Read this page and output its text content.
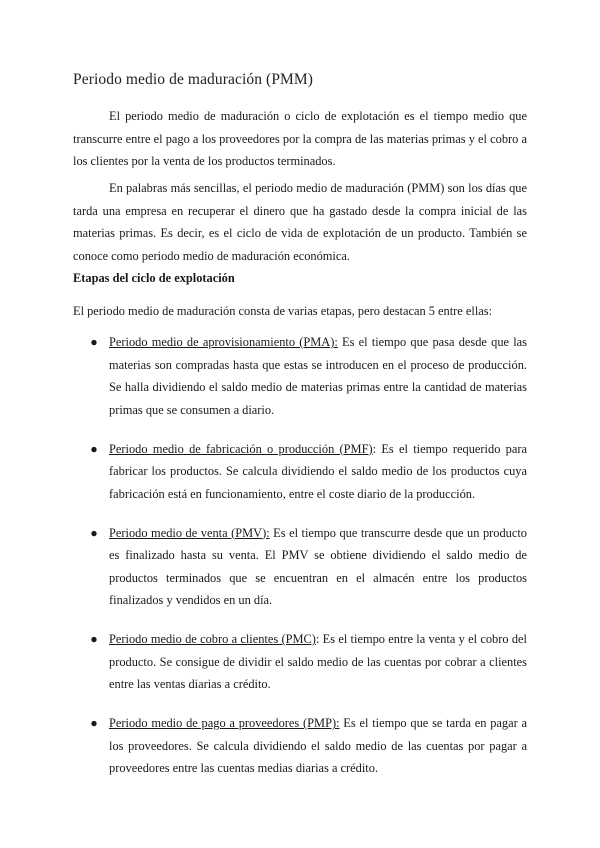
Periodo medio de maduración (PMM)

El periodo medio de maduración o ciclo de explotación es el tiempo medio que transcurre entre el pago a los proveedores por la compra de las materias primas y el cobro a los clientes por la venta de los productos terminados.

En palabras más sencillas, el periodo medio de maduración (PMM) son los días que tarda una empresa en recuperar el dinero que ha gastado desde la compra inicial de las materias primas. Es decir, es el ciclo de vida de explotación de un producto. También se conoce como periodo medio de maduración económica.

Etapas del ciclo de explotación

El periodo medio de maduración consta de varias etapas, pero destacan 5 entre ellas:

● Periodo medio de aprovisionamiento (PMA): Es el tiempo que pasa desde que las materias son compradas hasta que estas se introducen en el proceso de producción. Se halla dividiendo el saldo medio de materias primas entre la cantidad de materias primas que se consumen a diario.
● Periodo medio de fabricación o producción (PMF): Es el tiempo requerido para fabricar los productos. Se calcula dividiendo el saldo medio de los productos cuya fabricación está en funcionamiento, entre el coste diario de la producción.
● Periodo medio de venta (PMV): Es el tiempo que transcurre desde que un producto es finalizado hasta su venta. El PMV se obtiene dividiendo el saldo medio de productos terminados que se encuentran en el almacén entre los productos finalizados y vendidos en un día.
● Periodo medio de cobro a clientes (PMC): Es el tiempo entre la venta y el cobro del producto. Se consigue de dividir el saldo medio de las cuentas por cobrar a clientes entre las ventas diarias a crédito.
● Periodo medio de pago a proveedores (PMP): Es el tiempo que se tarda en pagar a los proveedores. Se calcula dividiendo el saldo medio de las cuentas por pagar a proveedores entre las cuentas medias diarias a crédito.
